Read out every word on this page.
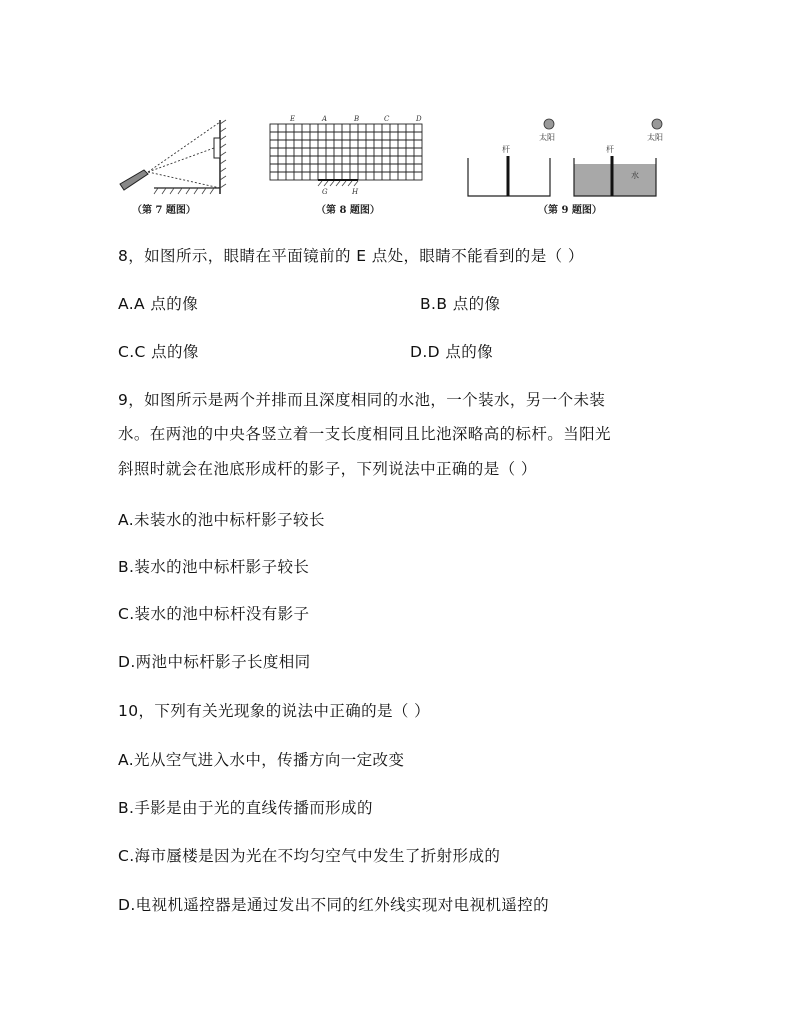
（第 7 题图）
E	A	B	C	D
G	H
（第 8 题图）
杆
太阳
杆
水
太阳
（第 9 题图）
8，如图所示，眼睛在平面镜前的 E 点处，眼睛不能看到的是（ ）
A.A 点的像	B.B 点的像
C.C 点的像	D.D 点的像
9，如图所示是两个并排而且深度相同的水池，一个装水，另一个未装
水。在两池的中央各竖立着一支长度相同且比池深略高的标杆。当阳光
斜照时就会在池底形成杆的影子，下列说法中正确的是（ ）
A.未装水的池中标杆影子较长
B.装水的池中标杆影子较长
C.装水的池中标杆没有影子
D.两池中标杆影子长度相同
10，下列有关光现象的说法中正确的是（ ）
A.光从空气进入水中，传播方向一定改变
B.手影是由于光的直线传播而形成的
C.海市蜃楼是因为光在不均匀空气中发生了折射形成的
D.电视机遥控器是通过发出不同的红外线实现对电视机遥控的
